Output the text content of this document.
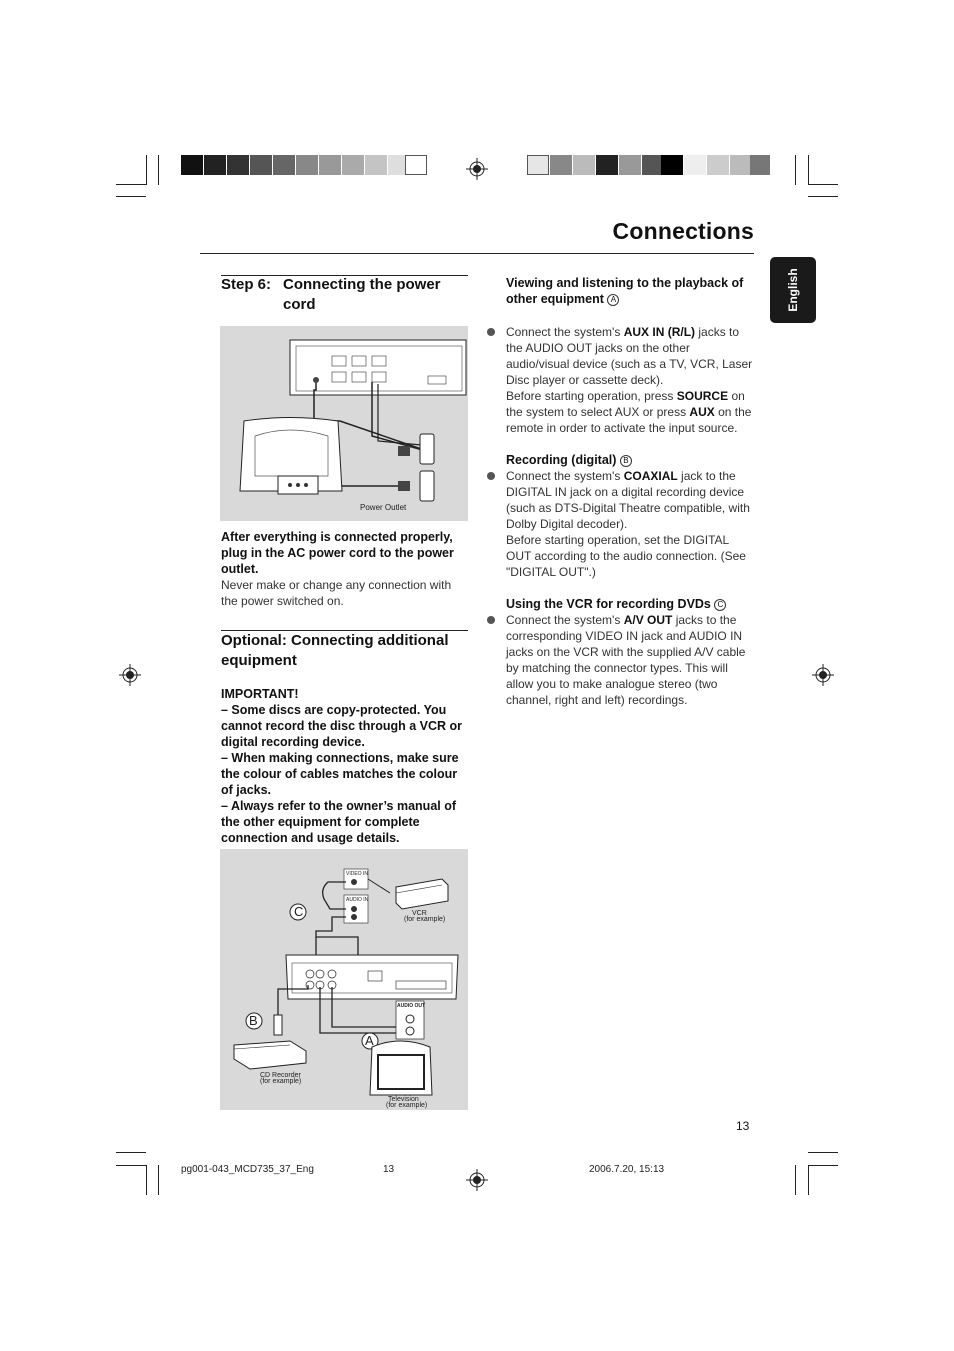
Connections
English
Step 6: Connecting the power cord
Power Outlet
After everything is connected properly, plug in the AC power cord to the power outlet.
Never make or change any connection with the power switched on.
Optional: Connecting additional equipment
IMPORTANT!
– Some discs are copy-protected. You cannot record the disc through a VCR or digital recording device.
– When making connections, make sure the colour of cables matches the colour of jacks.
– Always refer to the owner’s manual of the other equipment for complete connection and usage details.
VCR
(for example)
VIDEO IN
AUDIO IN
C
B
AUDIO OUT
A
CD Recorder
(for example)
Television
(for example)
Viewing and listening to the playback of other equipment A
Connect the system's AUX IN (R/L) jacks to the AUDIO OUT jacks on the other audio/visual device (such as a TV, VCR, Laser Disc player or cassette deck).
Before starting operation, press SOURCE on the system to select AUX or press AUX on the remote in order to activate the input source.
Recording (digital) B
Connect the system's COAXIAL jack to the DIGITAL IN jack on a digital recording device (such as DTS-Digital Theatre compatible, with Dolby Digital decoder).
Before starting operation, set the DIGITAL OUT according to the audio connection. (See "DIGITAL OUT".)
Using the VCR for recording DVDs C
Connect the system's A/V OUT jacks to the corresponding VIDEO IN jack and AUDIO IN jacks on the VCR with the supplied A/V cable by matching the connector types. This will allow you to make analogue stereo (two channel, right and left) recordings.
13
pg001-043_MCD735_37_Eng	13	2006.7.20, 15:13
